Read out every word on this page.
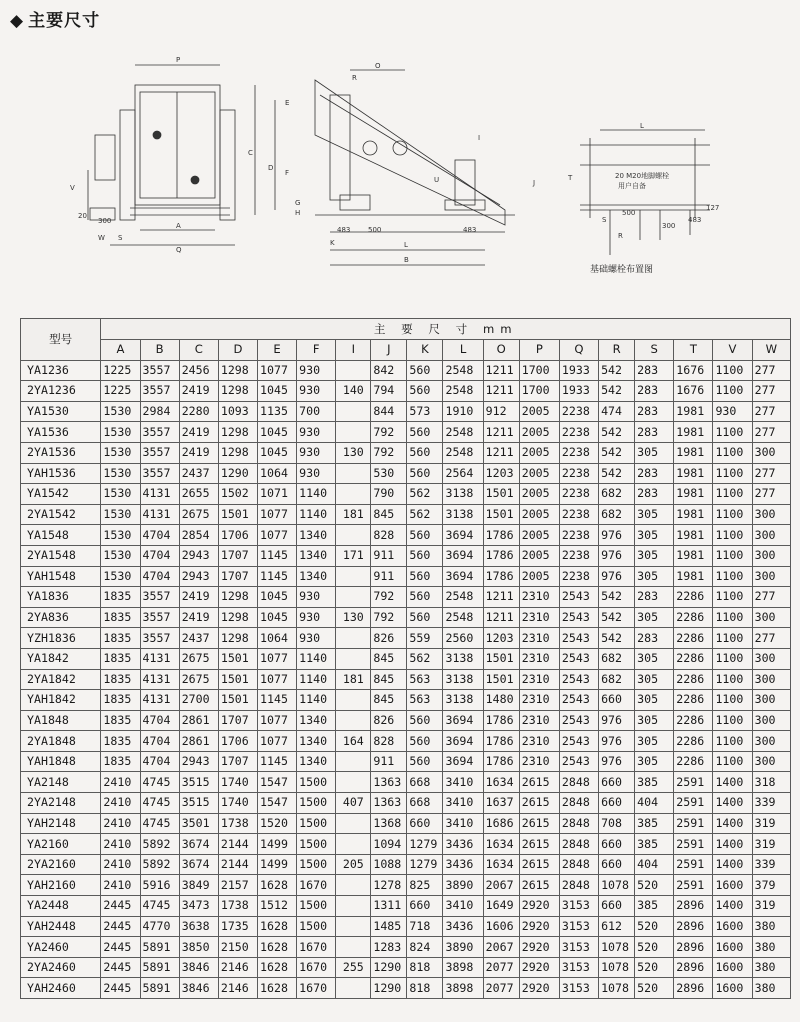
◆ 主要尺寸
P
A
Q
V
20
300
W S
O
R
E
C
D
F
G
H
K
483	500	483
L
B
I
J
U
L
T	20 M20地脚螺栓
用户自备
500
S
R
300
483
127
基础螺栓布置图
型号	主 要 尺 寸 mm																	
	A	B	C	D	E	F	I	J	K	L	O	P	Q	R	S	T	V	W
YA1236	1225	3557	2456	1298	1077	930		842	560	2548	1211	1700	1933	542	283	1676	1100	277
2YA1236	1225	3557	2419	1298	1045	930	140	794	560	2548	1211	1700	1933	542	283	1676	1100	277
YA1530	1530	2984	2280	1093	1135	700		844	573	1910	912	2005	2238	474	283	1981	930	277
YA1536	1530	3557	2419	1298	1045	930		792	560	2548	1211	2005	2238	542	283	1981	1100	277
2YA1536	1530	3557	2419	1298	1045	930	130	792	560	2548	1211	2005	2238	542	305	1981	1100	300
YAH1536	1530	3557	2437	1290	1064	930		530	560	2564	1203	2005	2238	542	283	1981	1100	277
YA1542	1530	4131	2655	1502	1071	1140		790	562	3138	1501	2005	2238	682	283	1981	1100	277
2YA1542	1530	4131	2675	1501	1077	1140	181	845	562	3138	1501	2005	2238	682	305	1981	1100	300
YA1548	1530	4704	2854	1706	1077	1340		828	560	3694	1786	2005	2238	976	305	1981	1100	300
2YA1548	1530	4704	2943	1707	1145	1340	171	911	560	3694	1786	2005	2238	976	305	1981	1100	300
YAH1548	1530	4704	2943	1707	1145	1340		911	560	3694	1786	2005	2238	976	305	1981	1100	300
YA1836	1835	3557	2419	1298	1045	930		792	560	2548	1211	2310	2543	542	283	2286	1100	277
2YA836	1835	3557	2419	1298	1045	930	130	792	560	2548	1211	2310	2543	542	305	2286	1100	300
YZH1836	1835	3557	2437	1298	1064	930		826	559	2560	1203	2310	2543	542	283	2286	1100	277
YA1842	1835	4131	2675	1501	1077	1140		845	562	3138	1501	2310	2543	682	305	2286	1100	300
2YA1842	1835	4131	2675	1501	1077	1140	181	845	563	3138	1501	2310	2543	682	305	2286	1100	300
YAH1842	1835	4131	2700	1501	1145	1140		845	563	3138	1480	2310	2543	660	305	2286	1100	300
YA1848	1835	4704	2861	1707	1077	1340		826	560	3694	1786	2310	2543	976	305	2286	1100	300
2YA1848	1835	4704	2861	1706	1077	1340	164	828	560	3694	1786	2310	2543	976	305	2286	1100	300
YAH1848	1835	4704	2943	1707	1145	1340		911	560	3694	1786	2310	2543	976	305	2286	1100	300
YA2148	2410	4745	3515	1740	1547	1500		1363	668	3410	1634	2615	2848	660	385	2591	1400	318
2YA2148	2410	4745	3515	1740	1547	1500	407	1363	668	3410	1637	2615	2848	660	404	2591	1400	339
YAH2148	2410	4745	3501	1738	1520	1500		1368	660	3410	1686	2615	2848	708	385	2591	1400	319
YA2160	2410	5892	3674	2144	1499	1500		1094	1279	3436	1634	2615	2848	660	385	2591	1400	319
2YA2160	2410	5892	3674	2144	1499	1500	205	1088	1279	3436	1634	2615	2848	660	404	2591	1400	339
YAH2160	2410	5916	3849	2157	1628	1670		1278	825	3890	2067	2615	2848	1078	520	2591	1600	379
YA2448	2445	4745	3473	1738	1512	1500		1311	660	3410	1649	2920	3153	660	385	2896	1400	319
YAH2448	2445	4770	3638	1735	1628	1500		1485	718	3436	1606	2920	3153	612	520	2896	1600	380
YA2460	2445	5891	3850	2150	1628	1670		1283	824	3890	2067	2920	3153	1078	520	2896	1600	380
2YA2460	2445	5891	3846	2146	1628	1670	255	1290	818	3898	2077	2920	3153	1078	520	2896	1600	380
YAH2460	2445	5891	3846	2146	1628	1670		1290	818	3898	2077	2920	3153	1078	520	2896	1600	380
